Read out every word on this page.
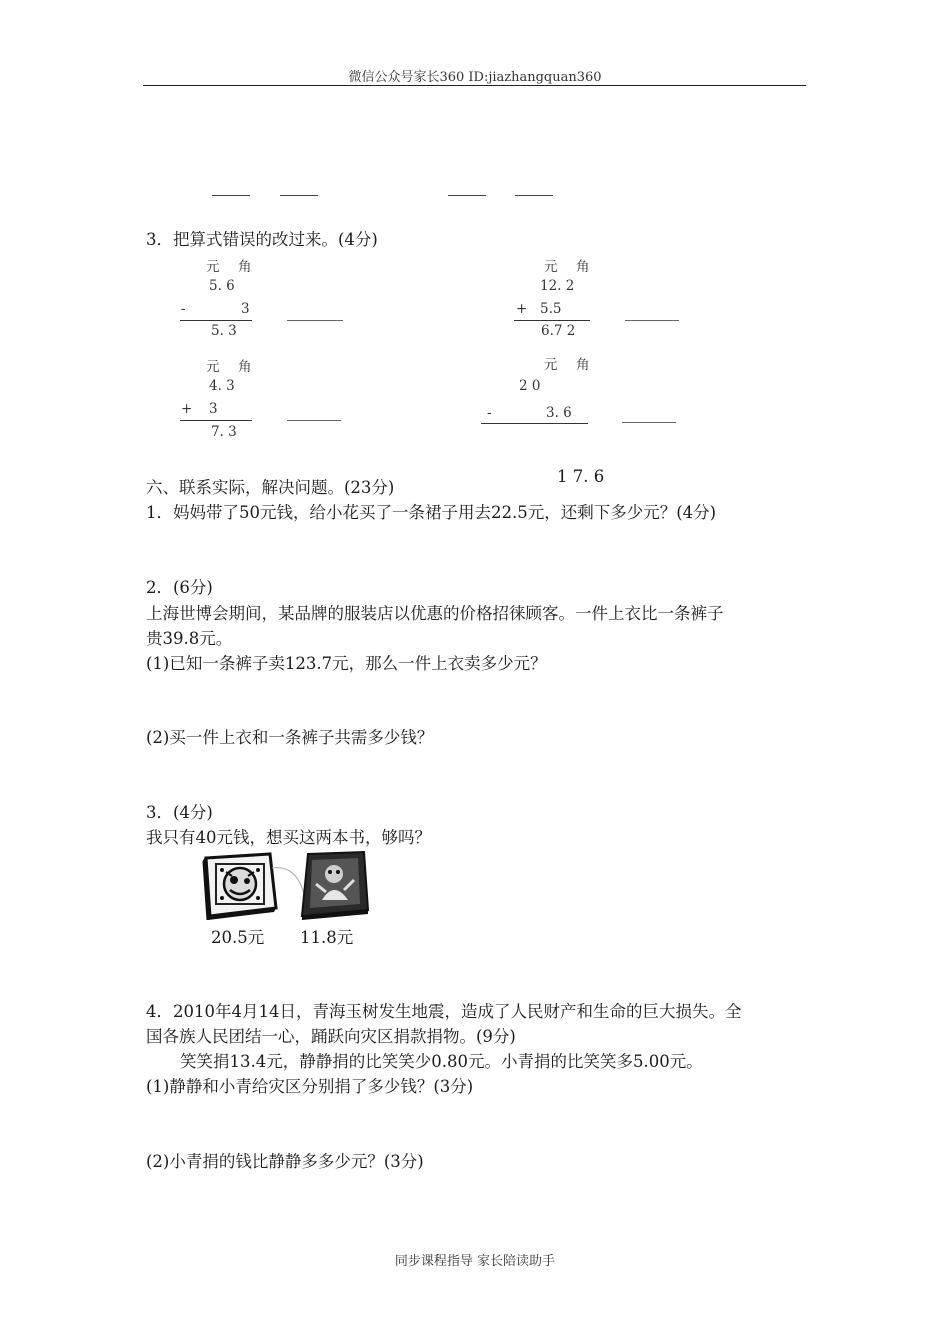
微信公众号家长360 ID:jiazhangquan360
3．把算式错误的改过来。(4分)
元 角
5. 6
-	3
5. 3
元 角
12. 2
+ 5.5
6.7 2
元 角
4. 3
+ 3
7. 3
元 角
2 0
-	3. 6
1 7. 6
六、联系实际，解决问题。(23分)
1．妈妈带了50元钱，给小花买了一条裙子用去22.5元，还剩下多少元？(4分)
2．(6分)
上海世博会期间，某品牌的服装店以优惠的价格招徕顾客。一件上衣比一条裤子
贵39.8元。
(1)已知一条裤子卖123.7元，那么一件上衣卖多少元？
(2)买一件上衣和一条裤子共需多少钱？
3．(4分)
我只有40元钱，想买这两本书，够吗？
20.5元 11.8元
4．2010年4月14日，青海玉树发生地震，造成了人民财产和生命的巨大损失。全
国各族人民团结一心，踊跃向灾区捐款捐物。(9分)
笑笑捐13.4元，静静捐的比笑笑少0.80元。小青捐的比笑笑多5.00元。
(1)静静和小青给灾区分别捐了多少钱？(3分)
(2)小青捐的钱比静静多多少元？(3分)
同步课程指导 家长陪读助手
